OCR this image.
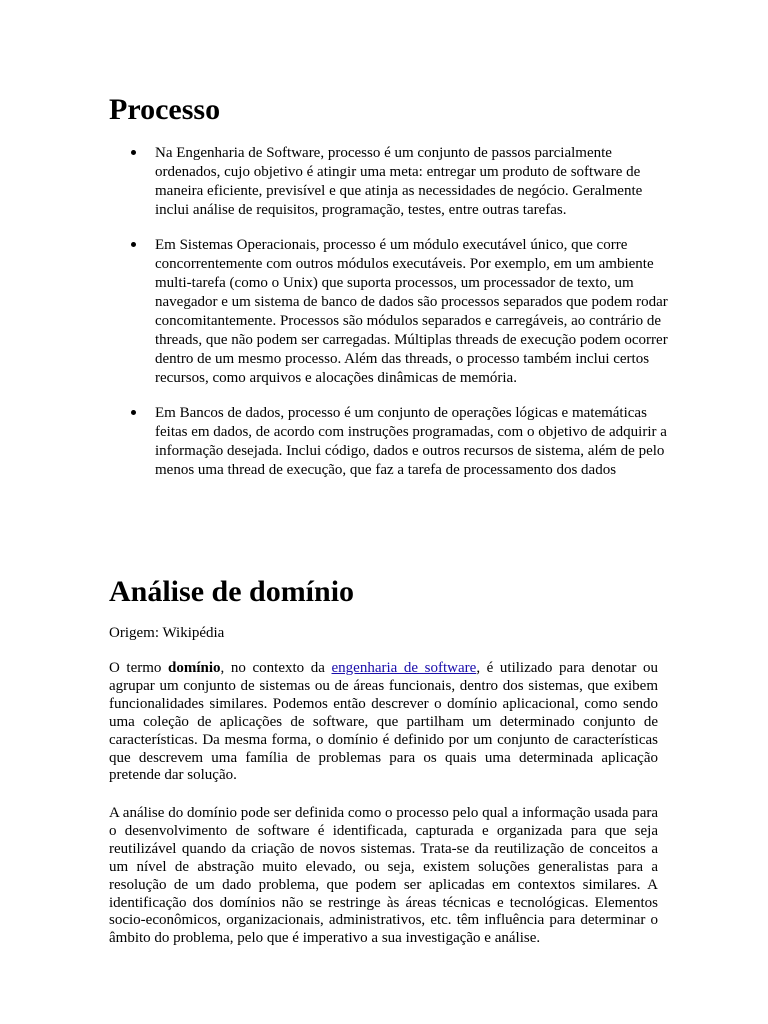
Processo
Na Engenharia de Software, processo é um conjunto de passos parcialmente ordenados, cujo objetivo é atingir uma meta: entregar um produto de software de maneira eficiente, previsível e que atinja as necessidades de negócio. Geralmente inclui análise de requisitos, programação, testes, entre outras tarefas.
Em Sistemas Operacionais, processo é um módulo executável único, que corre concorrentemente com outros módulos executáveis. Por exemplo, em um ambiente multi-tarefa (como o Unix) que suporta processos, um processador de texto, um navegador e um sistema de banco de dados são processos separados que podem rodar concomitantemente. Processos são módulos separados e carregáveis, ao contrário de threads, que não podem ser carregadas. Múltiplas threads de execução podem ocorrer dentro de um mesmo processo. Além das threads, o processo também inclui certos recursos, como arquivos e alocações dinâmicas de memória.
Em Bancos de dados, processo é um conjunto de operações lógicas e matemáticas feitas em dados, de acordo com instruções programadas, com o objetivo de adquirir a informação desejada. Inclui código, dados e outros recursos de sistema, além de pelo menos uma thread de execução, que faz a tarefa de processamento dos dados
Análise de domínio

Origem: Wikipédia

O termo domínio, no contexto da engenharia de software, é utilizado para denotar ou agrupar um conjunto de sistemas ou de áreas funcionais, dentro dos sistemas, que exibem funcionalidades similares. Podemos então descrever o domínio aplicacional, como sendo uma coleção de aplicações de software, que partilham um determinado conjunto de características. Da mesma forma, o domínio é definido por um conjunto de características que descrevem uma família de problemas para os quais uma determinada aplicação pretende dar solução.

A análise do domínio pode ser definida como o processo pelo qual a informação usada para o desenvolvimento de software é identificada, capturada e organizada para que seja reutilizável quando da criação de novos sistemas. Trata-se da reutilização de conceitos a um nível de abstração muito elevado, ou seja, existem soluções generalistas para a resolução de um dado problema, que podem ser aplicadas em contextos similares. A identificação dos domínios não se restringe às áreas técnicas e tecnológicas. Elementos socio-econômicos, organizacionais, administrativos, etc. têm influência para determinar o âmbito do problema, pelo que é imperativo a sua investigação e análise.
